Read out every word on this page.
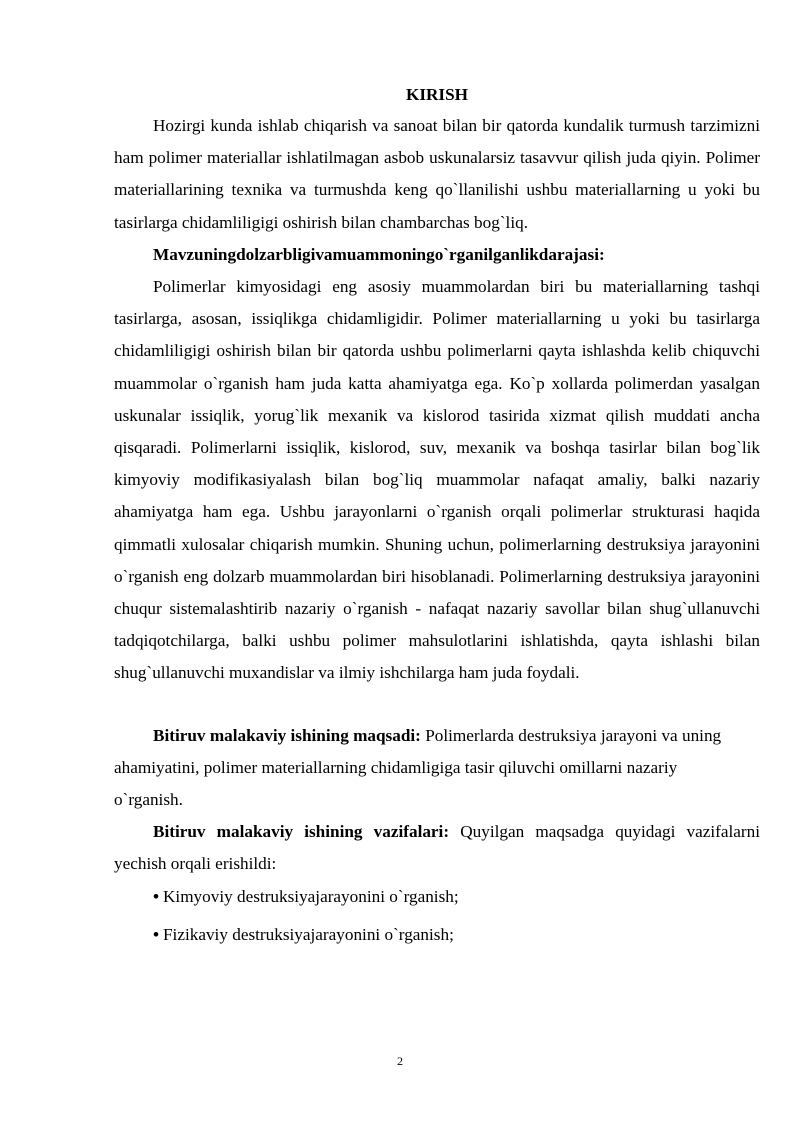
KIRISH

Hozirgi kunda ishlab chiqarish va sanoat bilan bir qatorda kundalik turmush tarzimizni ham polimer materiallar ishlatilmagan asbob uskunalarsiz tasavvur qilish juda qiyin. Polimer materiallarining texnika va turmushda keng qo`llanilishi ushbu materiallarning u yoki bu tasirlarga chidamliligigi oshirish bilan chambarchas bog`liq.

Mavzuningdolzarbligivamuammoningo`rganilganlikdarajasi:

Polimerlar kimyosidagi eng asosiy muammolardan biri bu materiallarning tashqi tasirlarga, asosan, issiqlikga chidamligidir. Polimer materiallarning u yoki bu tasirlarga chidamliligigi oshirish bilan bir qatorda ushbu polimerlarni qayta ishlashda kelib chiquvchi muammolar o`rganish ham juda katta ahamiyatga ega. Ko`p xollarda polimerdan yasalgan uskunalar issiqlik, yorug`lik mexanik va kislorod tasirida xizmat qilish muddati ancha qisqaradi. Polimerlarni issiqlik, kislorod, suv, mexanik va boshqa tasirlar bilan bog`lik kimyoviy modifikasiyalash bilan bog`liq muammolar nafaqat amaliy, balki nazariy ahamiyatga ham ega. Ushbu jarayonlarni o`rganish orqali polimerlar strukturasi haqida qimmatli xulosalar chiqarish mumkin. Shuning uchun, polimerlarning destruksiya jarayonini o`rganish eng dolzarb muammolardan biri hisoblanadi. Polimerlarning destruksiya jarayonini chuqur sistemalashtirib nazariy o`rganish - nafaqat nazariy savollar bilan shug`ullanuvchi tadqiqotchilarga, balki ushbu polimer mahsulotlarini ishlatishda, qayta ishlashi bilan shug`ullanuvchi muxandislar va ilmiy ishchilarga ham juda foydali.

Bitiruv malakaviy ishining maqsadi: Polimerlarda destruksiya jarayoni va uning ahamiyatini, polimer materiallarning chidamligiga tasir qiluvchi omillarni nazariy o`rganish.

Bitiruv malakaviy ishining vazifalari: Quyilgan maqsadga quyidagi vazifalarni yechish orqali erishildi:

• Kimyoviy destruksiyajarayonini o`rganish;

• Fizikaviy destruksiyajarayonini o`rganish;

2
